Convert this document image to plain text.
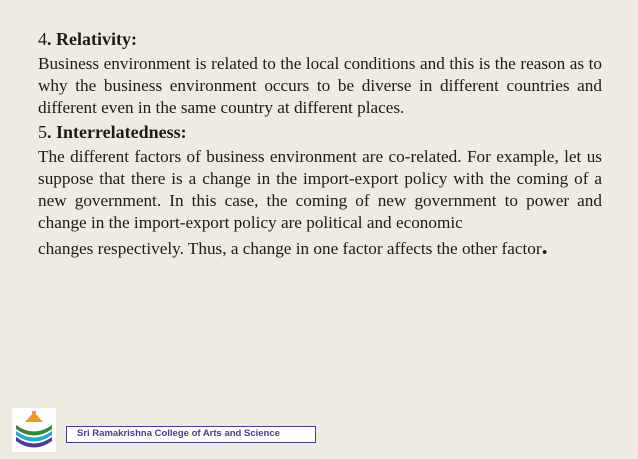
4. Relativity:

Business environment is related to the local conditions and this is the reason as to why the business environment occurs to be diverse in different countries and different even in the same country at different places.

5. Interrelatedness:

The different factors of business environment are co-related. For example, let us suppose that there is a change in the import-export policy with the coming of a new government. In this case, the coming of new government to power and change in the import-export policy are political and economic

changes respectively. Thus, a change in one factor affects the other factor.

Sri Ramakrishna College of Arts and Science
